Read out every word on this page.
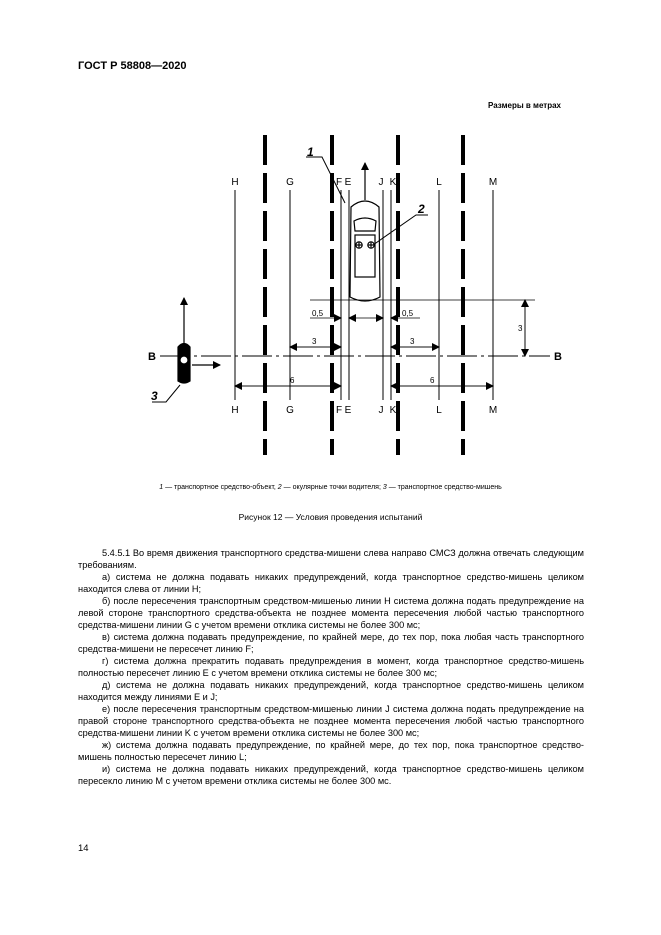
ГОСТ Р 58808—2020
Размеры в метрах
H	G	F E	J K	L	M
H	G	F E	J K	L	M
1
2
B	B
3
0,5	0,5
3	3
6	6
3
1 — транспортное средство-объект, 2 — окулярные точки водителя; 3 — транспортное средство-мишень
Рисунок 12 — Условия проведения испытаний

5.4.5.1 Во время движения транспортного средства-мишени слева направо СМСЗ должна отвечать следующим требованиям.

а) система не должна подавать никаких предупреждений, когда транспортное средство-мишень целиком находится слева от линии H;

б) после пересечения транспортным средством-мишенью линии H система должна подать предупреждение на левой стороне транспортного средства-объекта не позднее момента пересечения любой частью транспортного средства-мишени линии G с учетом времени отклика системы не более 300 мс;

в) система должна подавать предупреждение, по крайней мере, до тех пор, пока любая часть транспортного средства-мишени не пересечет линию F;

г) система должна прекратить подавать предупреждения в момент, когда транспортное средство-мишень полностью пересечет линию E с учетом времени отклика системы не более 300 мс;

д) система не должна подавать никаких предупреждений, когда транспортное средство-мишень целиком находится между линиями E и J;

е) после пересечения транспортным средством-мишенью линии J система должна подать предупреждение на правой стороне транспортного средства-объекта не позднее момента пересечения любой частью транспортного средства-мишени линии K с учетом времени отклика системы не более 300 мс;

ж) система должна подавать предупреждение, по крайней мере, до тех пор, пока транспортное средство-мишень полностью пересечет линию L;

и) система не должна подавать никаких предупреждений, когда транспортное средство-мишень целиком пересекло линию M с учетом времени отклика системы не более 300 мс.

14
